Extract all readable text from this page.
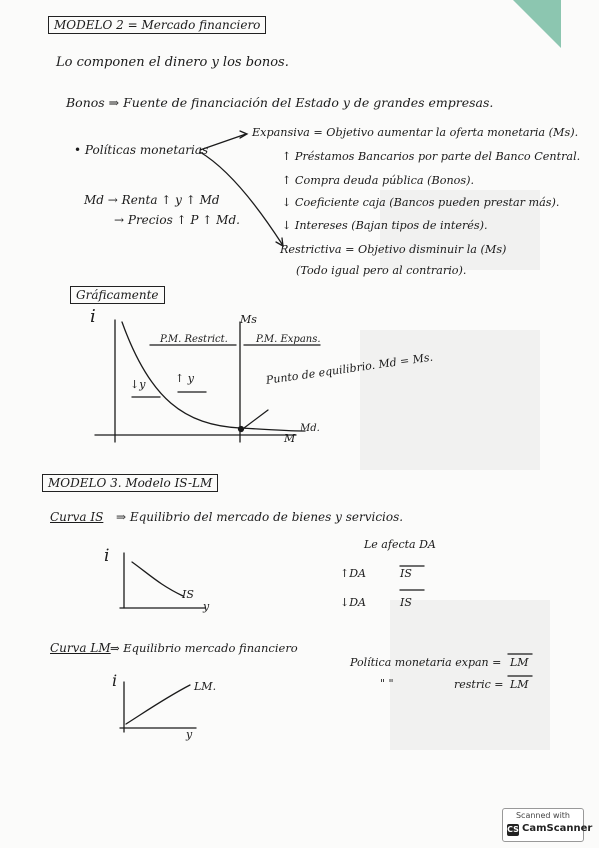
MODELO 2 = Mercado financiero
Lo componen el dinero y los bonos.
Bonos ⇒ Fuente de financiación del Estado y de grandes empresas.
• Políticas monetarias
Md → Renta ↑ y ↑ Md
→ Precios ↑ P ↑ Md.
Expansiva = Objetivo aumentar la oferta monetaria (Ms).
↑ Préstamos Bancarios por parte del Banco Central.
↑ Compra deuda pública (Bonos).
↓ Coeficiente caja (Bancos pueden prestar más).
↓ Intereses (Bajan tipos de interés).
Restrictiva = Objetivo disminuir la (Ms)
(Todo igual pero al contrario).
Gráficamente
i	Ms
P.M. Restrict.	P.M. Expans.
↓y	↑ y	Punto de equilibrio. Md = Ms.
Md.
M
MODELO 3. Modelo IS-LM
Curva IS ⇒ Equilibrio del mercado de bienes y servicios.
i
IS
y
Le afecta DA
↑DA	IS
↓DA	IS
Curva LM ⇒ Equilibrio mercado financiero
i	LM.
y
Política monetaria expan = LM
" "	restric = LM
Scanned with
CS CamScanner
